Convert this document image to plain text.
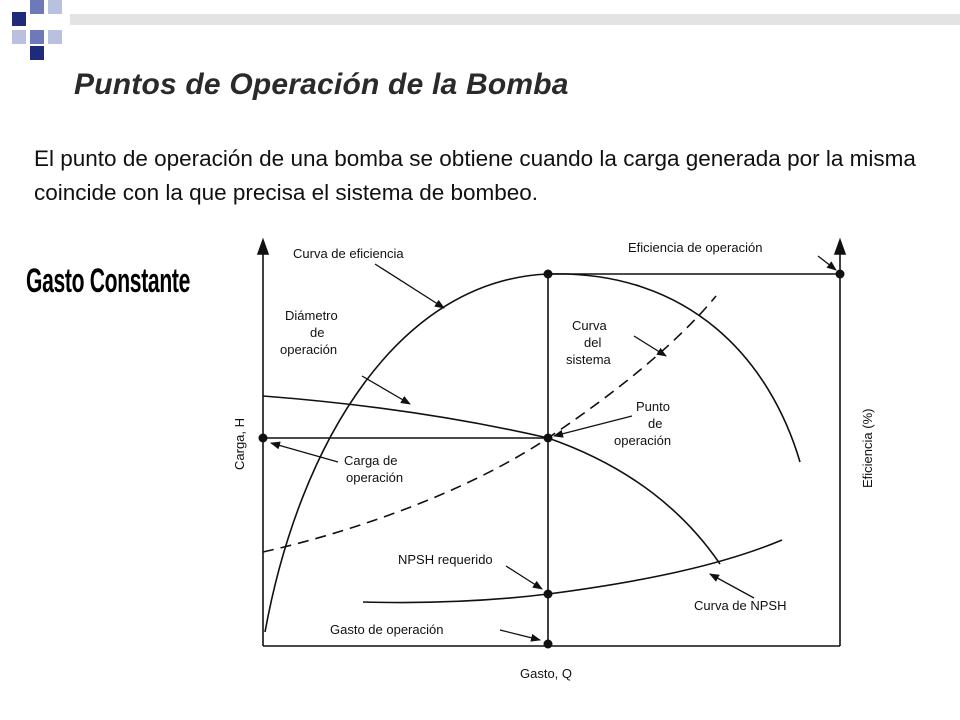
Puntos de Operación de la Bomba

El punto de operación de una bomba se obtiene cuando la carga generada por la misma coincide con la que precisa el sistema de bombeo.

Gasto Constante
Curva de eficiencia	Eficiencia de operación
Diámetro
de
operación
Curva
del
sistema
Punto
de
operación
Carga de
operación
NPSH requerido
Curva de NPSH
Gasto de operación
Gasto, Q
Carga, H	Eficiencia (%)
